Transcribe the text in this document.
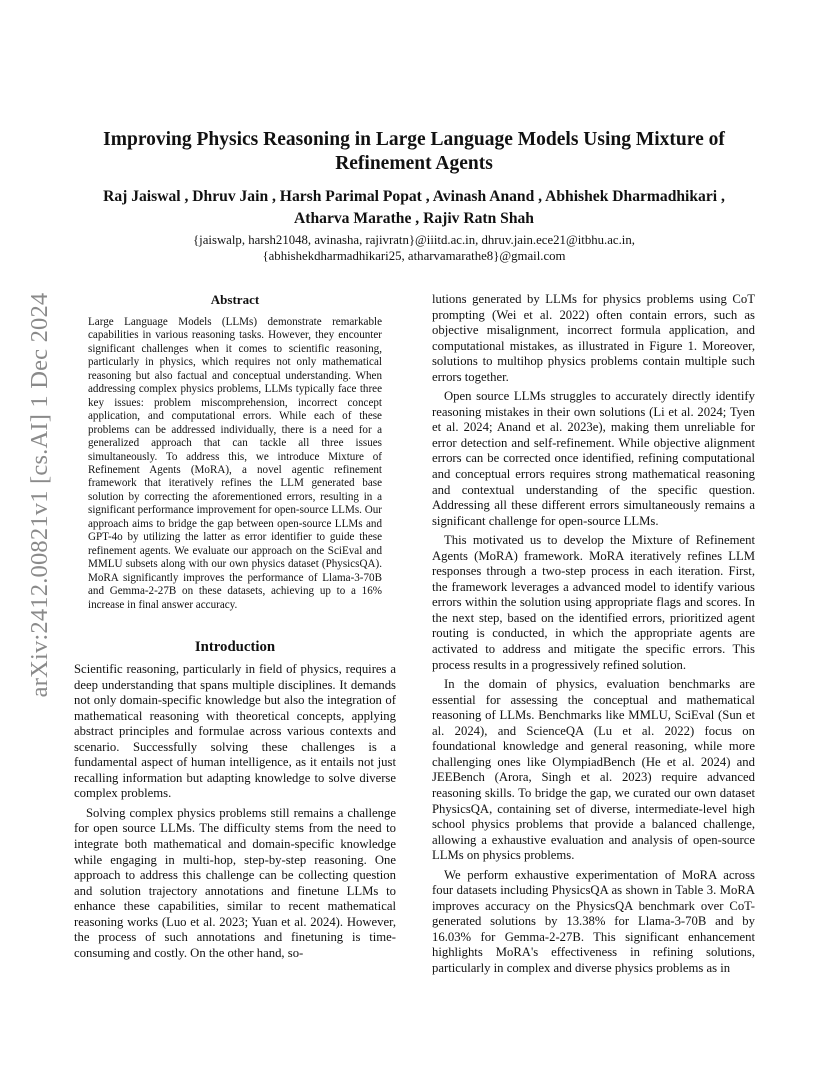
arXiv:2412.00821v1 [cs.AI] 1 Dec 2024
Improving Physics Reasoning in Large Language Models Using Mixture of
Refinement Agents
Raj Jaiswal , Dhruv Jain , Harsh Parimal Popat , Avinash Anand , Abhishek Dharmadhikari ,
Atharva Marathe , Rajiv Ratn Shah
{jaiswalp, harsh21048, avinasha, rajivratn}@iiitd.ac.in, dhruv.jain.ece21@itbhu.ac.in,
{abhishekdharmadhikari25, atharvamarathe8}@gmail.com
Abstract

Large Language Models (LLMs) demonstrate remarkable capabilities in various reasoning tasks. However, they encounter significant challenges when it comes to scientific reasoning, particularly in physics, which requires not only mathematical reasoning but also factual and conceptual understanding. When addressing complex physics problems, LLMs typically face three key issues: problem miscomprehension, incorrect concept application, and computational errors. While each of these problems can be addressed individually, there is a need for a generalized approach that can tackle all three issues simultaneously. To address this, we introduce Mixture of Refinement Agents (MoRA), a novel agentic refinement framework that iteratively refines the LLM generated base solution by correcting the aforementioned errors, resulting in a significant performance improvement for open-source LLMs. Our approach aims to bridge the gap between open-source LLMs and GPT-4o by utilizing the latter as error identifier to guide these refinement agents. We evaluate our approach on the SciEval and MMLU subsets along with our own physics dataset (PhysicsQA). MoRA significantly improves the performance of Llama-3-70B and Gemma-2-27B on these datasets, achieving up to a 16% increase in final answer accuracy.

Introduction

Scientific reasoning, particularly in field of physics, requires a deep understanding that spans multiple disciplines. It demands not only domain-specific knowledge but also the integration of mathematical reasoning with theoretical concepts, applying abstract principles and formulae across various contexts and scenario. Successfully solving these challenges is a fundamental aspect of human intelligence, as it entails not just recalling information but adapting knowledge to solve diverse complex problems.

Solving complex physics problems still remains a challenge for open source LLMs. The difficulty stems from the need to integrate both mathematical and domain-specific knowledge while engaging in multi-hop, step-by-step reasoning. One approach to address this challenge can be collecting question and solution trajectory annotations and finetune LLMs to enhance these capabilities, similar to recent mathematical reasoning works (Luo et al. 2023; Yuan et al. 2024). However, the process of such annotations and finetuning is time-consuming and costly. On the other hand, so-

lutions generated by LLMs for physics problems using CoT prompting (Wei et al. 2022) often contain errors, such as objective misalignment, incorrect formula application, and computational mistakes, as illustrated in Figure 1. Moreover, solutions to multihop physics problems contain multiple such errors together.

Open source LLMs struggles to accurately directly identify reasoning mistakes in their own solutions (Li et al. 2024; Tyen et al. 2024; Anand et al. 2023e), making them unreliable for error detection and self-refinement. While objective alignment errors can be corrected once identified, refining computational and conceptual errors requires strong mathematical reasoning and contextual understanding of the specific question. Addressing all these different errors simultaneously remains a significant challenge for open-source LLMs.

This motivated us to develop the Mixture of Refinement Agents (MoRA) framework. MoRA iteratively refines LLM responses through a two-step process in each iteration. First, the framework leverages a advanced model to identify various errors within the solution using appropriate flags and scores. In the next step, based on the identified errors, prioritized agent routing is conducted, in which the appropriate agents are activated to address and mitigate the specific errors. This process results in a progressively refined solution.

In the domain of physics, evaluation benchmarks are essential for assessing the conceptual and mathematical reasoning of LLMs. Benchmarks like MMLU, SciEval (Sun et al. 2024), and ScienceQA (Lu et al. 2022) focus on foundational knowledge and general reasoning, while more challenging ones like OlympiadBench (He et al. 2024) and JEEBench (Arora, Singh et al. 2023) require advanced reasoning skills. To bridge the gap, we curated our own dataset PhysicsQA, containing set of diverse, intermediate-level high school physics problems that provide a balanced challenge, allowing a exhaustive evaluation and analysis of open-source LLMs on physics problems.

We perform exhaustive experimentation of MoRA across four datasets including PhysicsQA as shown in Table 3. MoRA improves accuracy on the PhysicsQA benchmark over CoT-generated solutions by 13.38% for Llama-3-70B and by 16.03% for Gemma-2-27B. This significant enhancement highlights MoRA's effectiveness in refining solutions, particularly in complex and diverse physics problems as in
